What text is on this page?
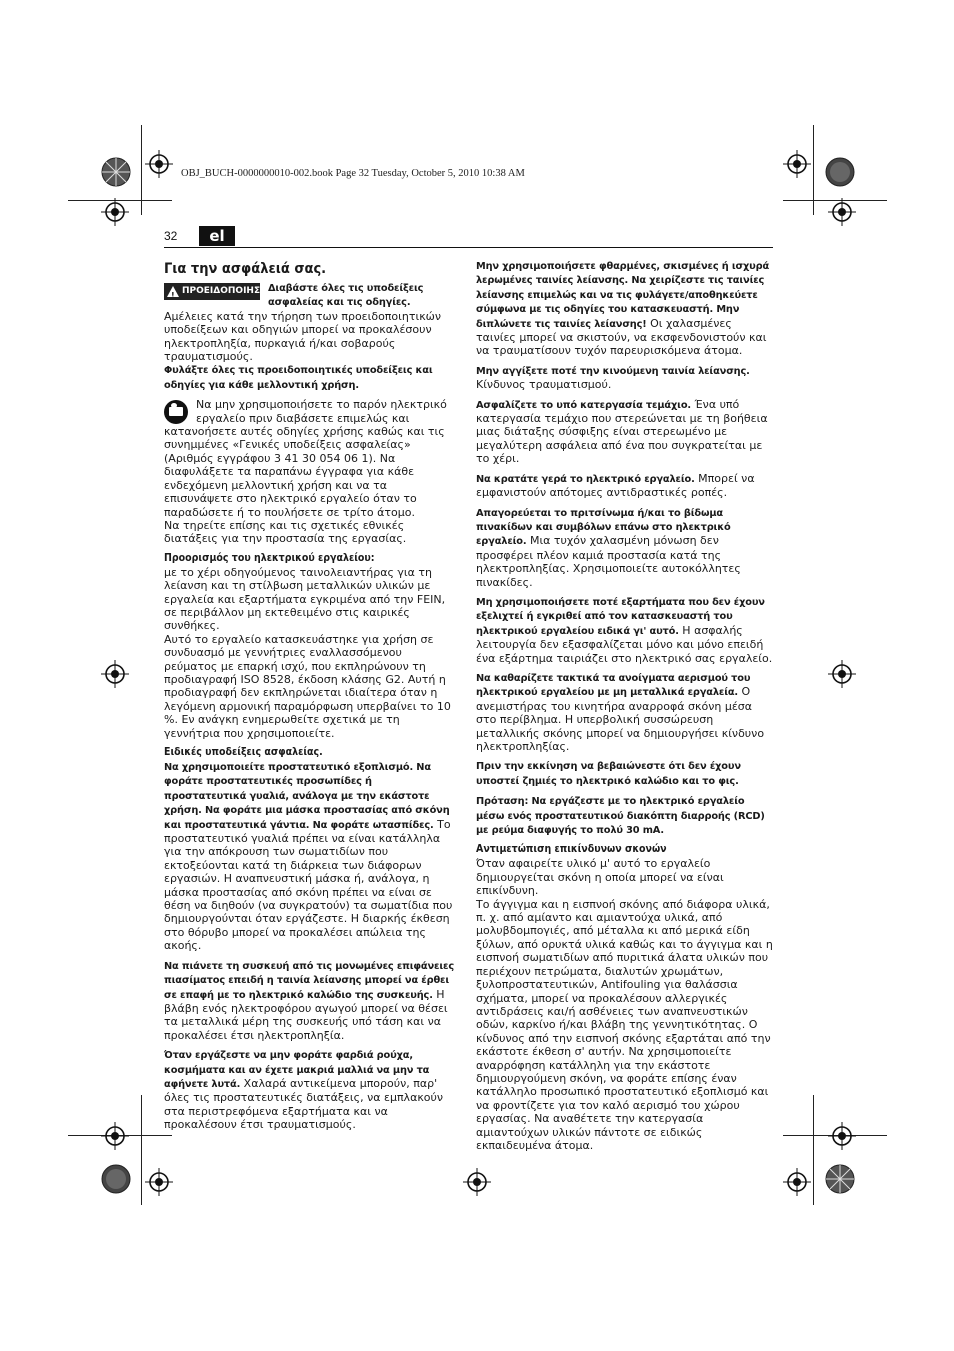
OBJ_BUCH-0000000010-002.book Page 32 Tuesday, October 5, 2010 10:38 AM
32	el
Για την ασφάλειά σας.
!
ΠΡΟΕΙΔΟΠΟΙΗΣΗ Διαβάστε όλες τις υποδείξεις ασφαλείας και τις οδηγίες. Αμέλειες κατά την τήρηση των προειδοποιητικών υποδείξεων και οδηγιών μπορεί να προκαλέσουν ηλεκτροπληξία, πυρκαγιά ή/και σοβαρούς τραυματισμούς.

Φυλάξτε όλες τις προειδοποιητικές υποδείξεις και οδηγίες για κάθε μελλοντική χρήση.

Να μην χρησιμοποιήσετε το παρόν ηλεκτρικό εργαλείο πριν διαβάσετε επιμελώς και κατανοήσετε αυτές οδηγίες χρήσης καθώς και τις συνημμένες «Γενικές υποδείξεις ασφαλείας» (Αριθμός εγγράφου 3 41 30 054 06 1). Να διαφυλάξετε τα παραπάνω έγγραφα για κάθε ενδεχόμενη μελλοντική χρήση και να τα επισυνάψετε στο ηλεκτρικό εργαλείο όταν το παραδώσετε ή το πουλήσετε σε τρίτο άτομο.

Να τηρείτε επίσης και τις σχετικές εθνικές διατάξεις για την προστασία της εργασίας.

Προορισμός του ηλεκτρικού εργαλείου:

με το χέρι οδηγούμενος ταινολειαντήρας για τη λείανση και τη στίλβωση μεταλλικών υλικών με εργαλεία και εξαρτήματα εγκριμένα από την FEIN, σε περιβάλλον μη εκτεθειμένο στις καιρικές συνθήκες.

Αυτό το εργαλείο κατασκευάστηκε για χρήση σε συνδυασμό με γεννήτριες εναλλασσόμενου ρεύματος με επαρκή ισχύ, που εκπληρώνουν τη προδιαγραφή ISO 8528, έκδοση κλάσης G2. Αυτή η προδιαγραφή δεν εκπληρώνεται ιδιαίτερα όταν η λεγόμενη αρμονική παραμόρφωση υπερβαίνει το 10 %. Εν ανάγκη ενημερωθείτε σχετικά με τη γεννήτρια που χρησιμοποιείτε.

Ειδικές υποδείξεις ασφαλείας.

Να χρησιμοποιείτε προστατευτικό εξοπλισμό. Να φοράτε προστατευτικές προσωπίδες ή προστατευτικά γυαλιά, ανάλογα με την εκάστοτε χρήση. Να φοράτε μια μάσκα προστασίας από σκόνη και προστατευτικά γάντια. Να φοράτε ωτασπίδες. Το προστατευτικό γυαλιά πρέπει να είναι κατάλληλα για την απόκρουση των σωματιδίων που εκτοξεύονται κατά τη διάρκεια των διάφορων εργασιών. Η αναπνευστική μάσκα ή, ανάλογα, η μάσκα προστασίας από σκόνη πρέπει να είναι σε θέση να διηθούν (να συγκρατούν) τα σωματίδια που δημιουργούνται όταν εργάζεστε. Η διαρκής έκθεση στο θόρυβο μπορεί να προκαλέσει απώλεια της ακοής.

Να πιάνετε τη συσκευή από τις μονωμένες επιφάνειες πιασίματος επειδή η ταινία λείανσης μπορεί να έρθει σε επαφή με το ηλεκτρικό καλώδιο της συσκευής. Η βλάβη ενός ηλεκτροφόρου αγωγού μπορεί να θέσει τα μεταλλικά μέρη της συσκευής υπό τάση και να προκαλέσει έτσι ηλεκτροπληξία.

Όταν εργάζεστε να μην φοράτε φαρδιά ρούχα, κοσμήματα και αν έχετε μακριά μαλλιά να μην τα αφήνετε λυτά. Χαλαρά αντικείμενα μπορούν, παρ' όλες τις προστατευτικές διατάξεις, να εμπλακούν στα περιστρεφόμενα εξαρτήματα και να προκαλέσουν έτσι τραυματισμούς.

Μην χρησιμοποιήσετε φθαρμένες, σκισμένες ή ισχυρά λερωμένες ταινίες λείανσης. Να χειρίζεστε τις ταινίες λείανσης επιμελώς και να τις φυλάγετε/αποθηκεύετε σύμφωνα με τις οδηγίες του κατασκευαστή. Μην διπλώνετε τις ταινίες λείανσης! Οι χαλασμένες ταινίες μπορεί να σκιστούν, να εκσφενδονιστούν και να τραυματίσουν τυχόν παρευρισκόμενα άτομα.

Μην αγγίξετε ποτέ την κινούμενη ταινία λείανσης. Κίνδυνος τραυματισμού.

Ασφαλίζετε το υπό κατεργασία τεμάχιο. Ένα υπό κατεργασία τεμάχιο που στερεώνεται με τη βοήθεια μιας διάταξης σύσφιξης είναι στερεωμένο με μεγαλύτερη ασφάλεια από ένα που συγκρατείται με το χέρι.

Να κρατάτε γερά το ηλεκτρικό εργαλείο. Μπορεί να εμφανιστούν απότομες αντιδραστικές ροπές.

Απαγορεύεται το πριτσίνωμα ή/και το βίδωμα πινακίδων και συμβόλων επάνω στο ηλεκτρικό εργαλείο. Μια τυχόν χαλασμένη μόνωση δεν προσφέρει πλέον καμιά προστασία κατά της ηλεκτροπληξίας. Χρησιμοποιείτε αυτοκόλλητες πινακίδες.

Μη χρησιμοποιήσετε ποτέ εξαρτήματα που δεν έχουν εξελιχτεί ή εγκριθεί από τον κατασκευαστή του ηλεκτρικού εργαλείου ειδικά γι' αυτό. Η ασφαλής λειτουργία δεν εξασφαλίζεται μόνο και μόνο επειδή ένα εξάρτημα ταιριάζει στο ηλεκτρικό σας εργαλείο.

Να καθαρίζετε τακτικά τα ανοίγματα αερισμού του ηλεκτρικού εργαλείου με μη μεταλλικά εργαλεία. Ο ανεμιστήρας του κινητήρα αναρροφά σκόνη μέσα στο περίβλημα. Η υπερβολική συσσώρευση μεταλλικής σκόνης μπορεί να δημιουργήσει κίνδυνο ηλεκτροπληξίας.

Πριν την εκκίνηση να βεβαιώνεστε ότι δεν έχουν υποστεί ζημιές το ηλεκτρικό καλώδιο και το φις.

Πρόταση: Να εργάζεστε με το ηλεκτρικό εργαλείο μέσω ενός προστατευτικού διακόπτη διαρροής (RCD) με ρεύμα διαφυγής το πολύ 30 mA.

Αντιμετώπιση επικίνδυνων σκονών

Όταν αφαιρείτε υλικό μ' αυτό το εργαλείο δημιουργείται σκόνη η οποία μπορεί να είναι επικίνδυνη.

Το άγγιγμα και η εισπνοή σκόνης από διάφορα υλικά, π. χ. από αμίαντο και αμιαντούχα υλικά, από μολυβδομπογιές, από μέταλλα κι από μερικά είδη ξύλων, από ορυκτά υλικά καθώς και το άγγιγμα και η εισπνοή σωματιδίων από πυριτικά άλατα υλικών που περιέχουν πετρώματα, διαλυτών χρωμάτων, ξυλοπροστατευτικών, Antifouling για θαλάσσια σχήματα, μπορεί να προκαλέσουν αλλεργικές αντιδράσεις και/ή ασθένειες των αναπνευστικών οδών, καρκίνο ή/και βλάβη της γεννητικότητας. Ο κίνδυνος από την εισπνοή σκόνης εξαρτάται από την εκάστοτε έκθεση σ' αυτήν. Να χρησιμοποιείτε αναρρόφηση κατάλληλη για την εκάστοτε δημιουργούμενη σκόνη, να φοράτε επίσης έναν κατάλληλο προσωπικό προστατευτικό εξοπλισμό και να φροντίζετε για τον καλό αερισμό του χώρου εργασίας. Να αναθέτετε την κατεργασία αμιαντούχων υλικών πάντοτε σε ειδικώς εκπαιδευμένα άτομα.
